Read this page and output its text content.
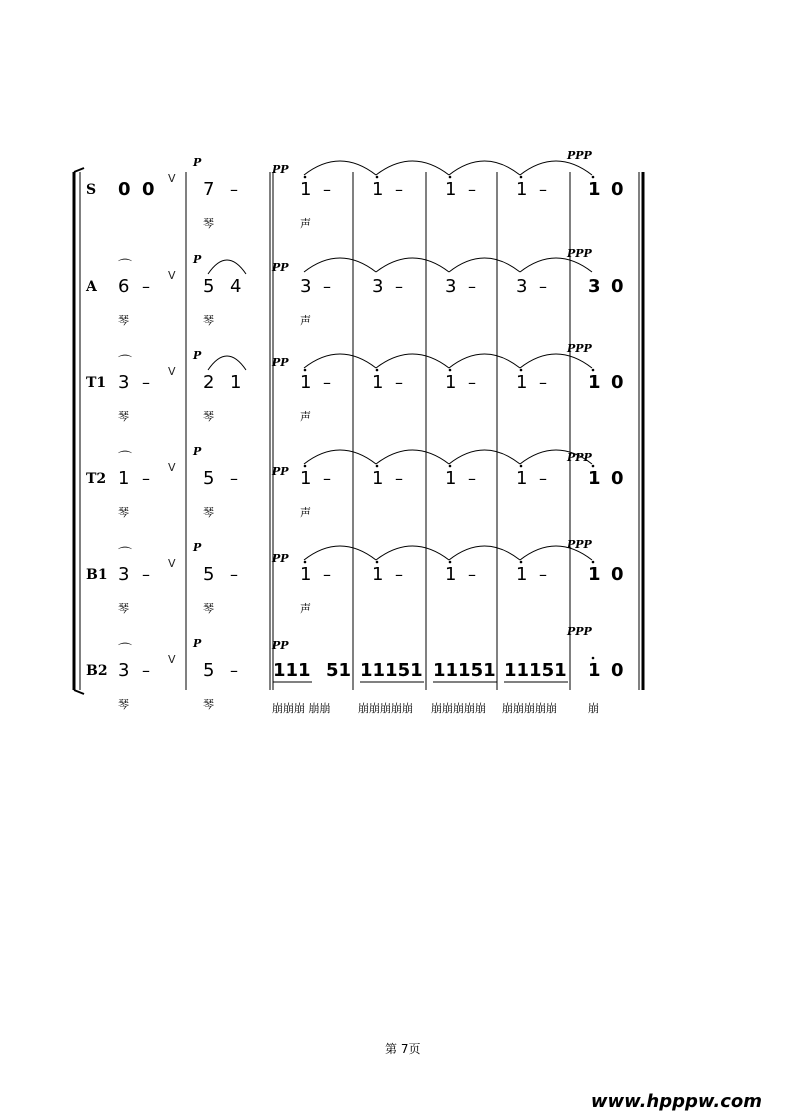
S 0 0
V
P
7 –
琴
PP
1 –
声
1 – 1 – 1 –
PPP
1 0
A 6 –
⌒
琴
V
P
5 4
琴
PP
3 –
声
3 – 3 – 3 –
PPP
3 0
T1 3 –
⌒
琴
V
P
2 1
琴
PP
1 –
声
1 – 1 – 1 –
PPP
1 0
T2 1 –
⌒
琴
V
P
5 –
琴
PP 1 –
声
1 – 1 – 1 –
PPP
1 0
B1 3 –
⌒
琴
V
P
5 –
琴
PP
1 –
声
1 – 1 – 1 –
PPP
1 0
B2 3 –
⌒
琴
V
P
5 –
琴
PP
111 51
崩崩崩 崩崩
11151
崩崩崩崩崩
11151
崩崩崩崩崩
11151
崩崩崩崩崩
PPP
1 0
崩
第 7页
www.hpppw.com
